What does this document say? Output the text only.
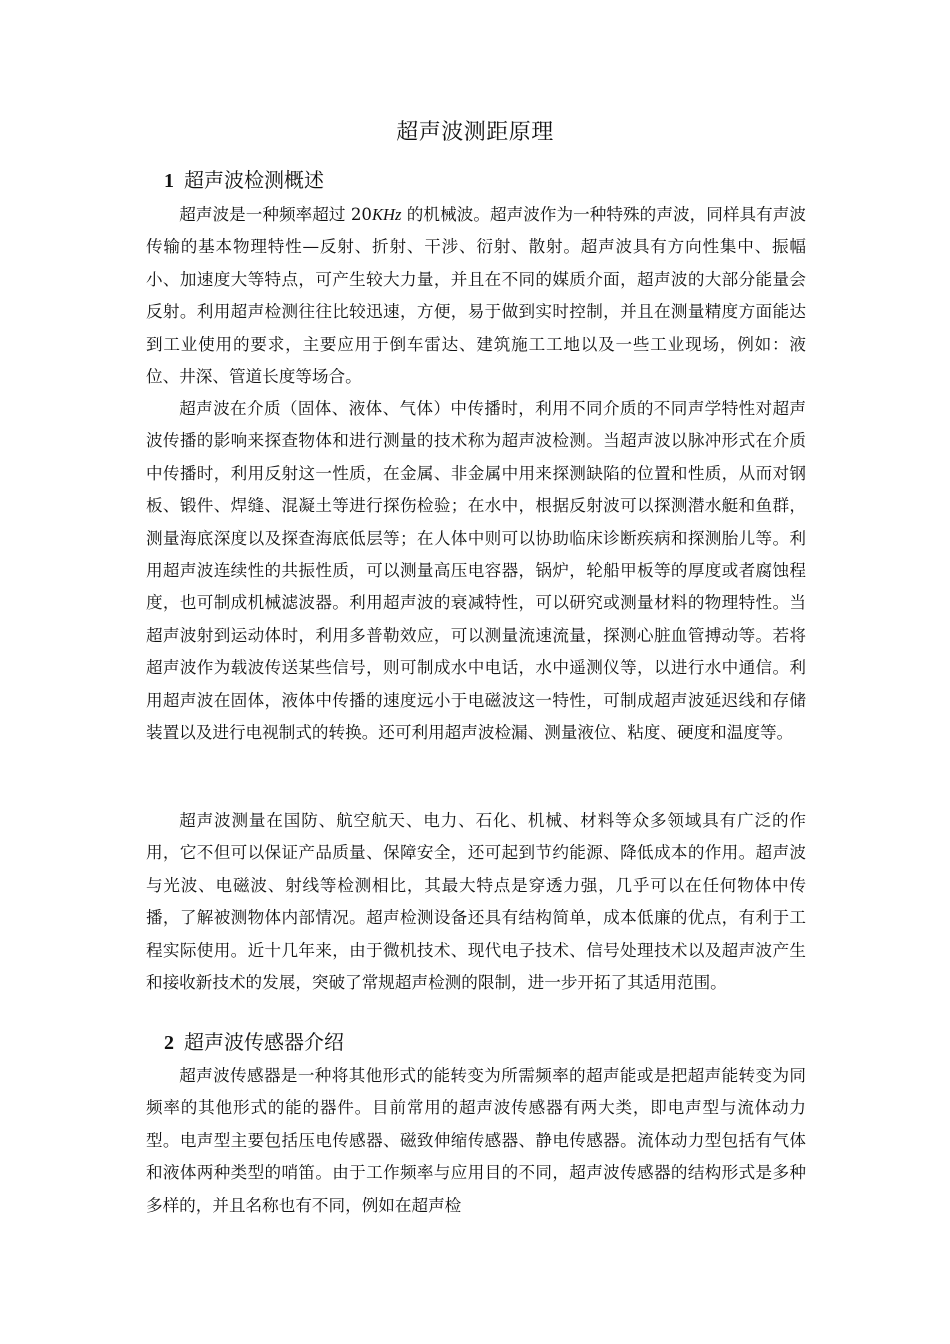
超声波测距原理
1 超声波检测概述

超声波是一种频率超过 20KHz 的机械波。超声波作为一种特殊的声波，同样具有声波传输的基本物理特性—反射、折射、干涉、衍射、散射。超声波具有方向性集中、振幅小、加速度大等特点，可产生较大力量，并且在不同的媒质介面，超声波的大部分能量会反射。利用超声检测往往比较迅速，方便，易于做到实时控制，并且在测量精度方面能达到工业使用的要求，主要应用于倒车雷达、建筑施工工地以及一些工业现场，例如：液位、井深、管道长度等场合。

超声波在介质（固体、液体、气体）中传播时，利用不同介质的不同声学特性对超声波传播的影响来探查物体和进行测量的技术称为超声波检测。当超声波以脉冲形式在介质中传播时，利用反射这一性质，在金属、非金属中用来探测缺陷的位置和性质，从而对钢板、锻件、焊缝、混凝土等进行探伤检验；在水中，根据反射波可以探测潜水艇和鱼群，测量海底深度以及探查海底低层等；在人体中则可以协助临床诊断疾病和探测胎儿等。利用超声波连续性的共振性质，可以测量高压电容器，锅炉，轮船甲板等的厚度或者腐蚀程度，也可制成机械滤波器。利用超声波的衰减特性，可以研究或测量材料的物理特性。当超声波射到运动体时，利用多普勒效应，可以测量流速流量，探测心脏血管搏动等。若将超声波作为载波传送某些信号，则可制成水中电话，水中遥测仪等，以进行水中通信。利用超声波在固体，液体中传播的速度远小于电磁波这一特性，可制成超声波延迟线和存储装置以及进行电视制式的转换。还可利用超声波检漏、测量液位、粘度、硬度和温度等。

超声波测量在国防、航空航天、电力、石化、机械、材料等众多领域具有广泛的作用，它不但可以保证产品质量、保障安全，还可起到节约能源、降低成本的作用。超声波与光波、电磁波、射线等检测相比，其最大特点是穿透力强，几乎可以在任何物体中传播，了解被测物体内部情况。超声检测设备还具有结构简单，成本低廉的优点，有利于工程实际使用。近十几年来，由于微机技术、现代电子技术、信号处理技术以及超声波产生和接收新技术的发展，突破了常规超声检测的限制，进一步开拓了其适用范围。

2 超声波传感器介绍

超声波传感器是一种将其他形式的能转变为所需频率的超声能或是把超声能转变为同频率的其他形式的能的器件。目前常用的超声波传感器有两大类，即电声型与流体动力型。电声型主要包括压电传感器、磁致伸缩传感器、静电传感器。流体动力型包括有气体和液体两种类型的哨笛。由于工作频率与应用目的不同，超声波传感器的结构形式是多种多样的，并且名称也有不同，例如在超声检
